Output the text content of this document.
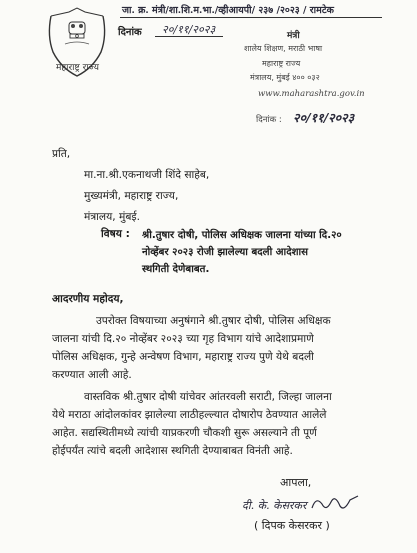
जा. क्र. मंत्री/शा.शि.म.भा./व्हीआयपी/ २३७ /२०२३ / रामटेक
दिनांक २०/११/२०२३
महाराष्ट्र राज्य
मंत्री
शालेय शिक्षण, मराठी भाषा
महाराष्ट्र राज्य
मंत्रालय, मुंबई ४०० ०३२
www.maharashtra.gov.in
दिनांक : २०/११/२०२३
प्रति,
मा.ना.श्री.एकनाथजी शिंदे साहेब,
मुख्यमंत्री, महाराष्ट्र राज्य,
मंत्रालय, मुंबई.
विषय : श्री.तुषार दोषी, पोलिस अधिक्षक जालना यांच्या दि.२०
नोव्हेंबर २०२३ रोजी झालेल्या बदली आदेशास
स्थगिती देणेबाबत.
आदरणीय महोदय,
उपरोक्त विषयाच्या अनुषंगाने श्री.तुषार दोषी, पोलिस अधिक्षक
जालना यांची दि.२० नोव्हेंबर २०२३ च्या गृह विभाग यांचे आदेशाप्रमाणे
पोलिस अधिक्षक, गुन्हे अन्वेषण विभाग, महाराष्ट्र राज्य पुणे येथे बदली
करण्यात आली आहे.
वास्तविक श्री.तुषार दोषी यांचेवर आंतरवली सराटी, जिल्हा जालना
येथे मराठा आंदोलकांवर झालेल्या लाठीहल्ल्यात दोषारोप ठेवण्यात आलेले
आहेत. सद्यस्थितीमध्ये त्यांची याप्रकरणी चौकशी सुरू असल्याने ती पूर्ण
होईपर्यंत त्यांचे बदली आदेशास स्थगिती देण्याबाबत विनंती आहे.
आपला,
दी. के. केसरकर
( दिपक केसरकर )
